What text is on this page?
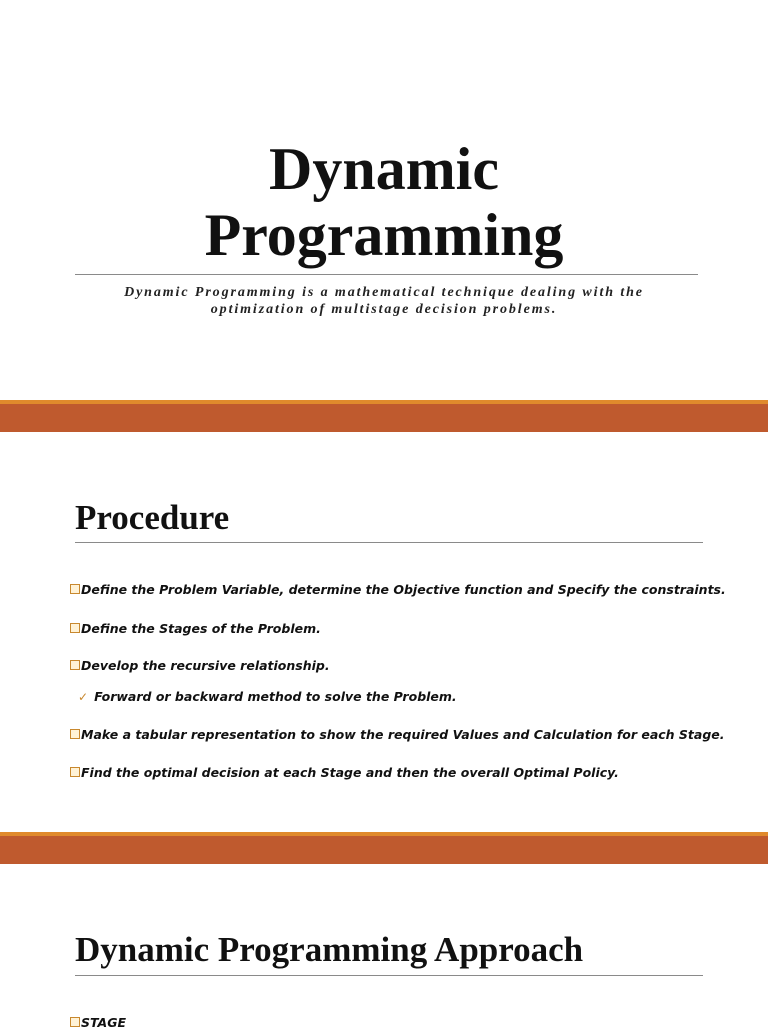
Dynamic
Programming
Dynamic Programming is a mathematical technique dealing with the
optimization of multistage decision problems.
Procedure
Define the Problem Variable, determine the Objective function and Specify the constraints.
Define the Stages of the Problem.
Develop the recursive relationship.
✓ Forward or backward method to solve the Problem.
Make a tabular representation to show the required Values and Calculation for each Stage.
Find the optimal decision at each Stage and then the overall Optimal Policy.
Dynamic Programming Approach
STAGE
